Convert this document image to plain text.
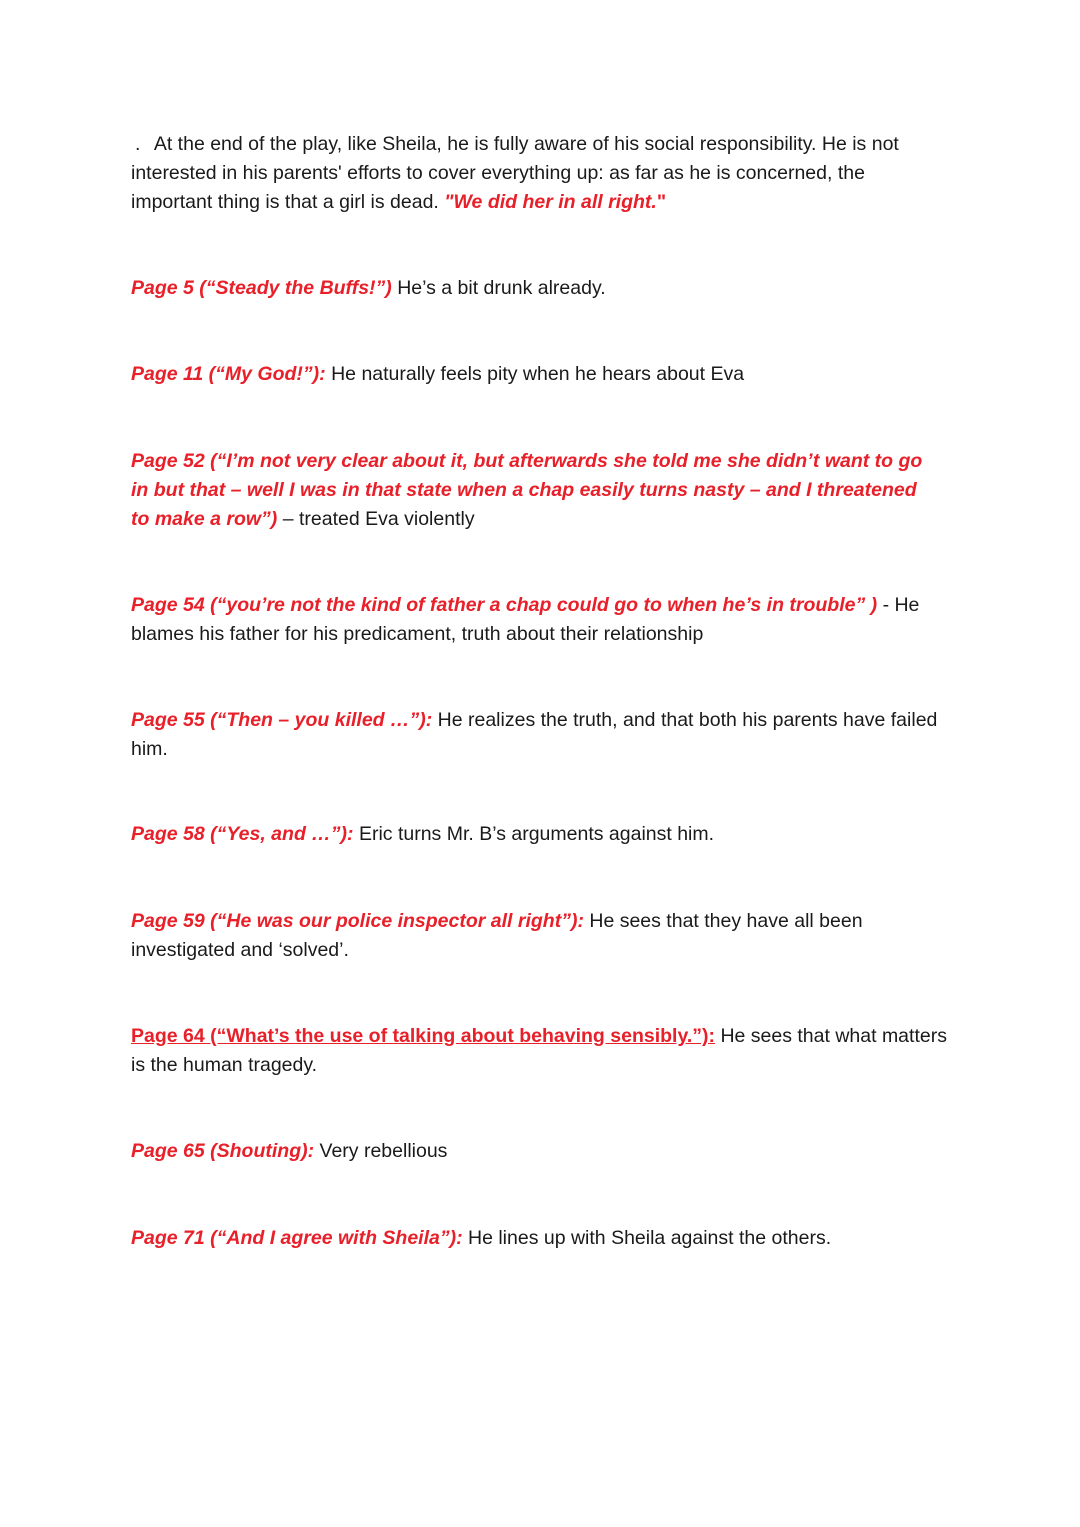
. At the end of the play, like Sheila, he is fully aware of his social responsibility. He is not interested in his parents' efforts to cover everything up: as far as he is concerned, the important thing is that a girl is dead. "We did her in all right."

Page 5 (“Steady the Buffs!”) He’s a bit drunk already.

Page 11 (“My God!”): He naturally feels pity when he hears about Eva

Page 52 (“I’m not very clear about it, but afterwards she told me she didn’t want to go in but that – well I was in that state when a chap easily turns nasty – and I threatened to make a row”) – treated Eva violently

Page 54 (“you’re not the kind of father a chap could go to when he’s in trouble” ) - He blames his father for his predicament, truth about their relationship

Page 55 (“Then – you killed …”): He realizes the truth, and that both his parents have failed him.

Page 58 (“Yes, and …”): Eric turns Mr. B’s arguments against him.

Page 59 (“He was our police inspector all right”): He sees that they have all been investigated and ‘solved’.

Page 64 (“What’s the use of talking about behaving sensibly.”): He sees that what matters is the human tragedy.

Page 65 (Shouting): Very rebellious

Page 71 (“And I agree with Sheila”): He lines up with Sheila against the others.
